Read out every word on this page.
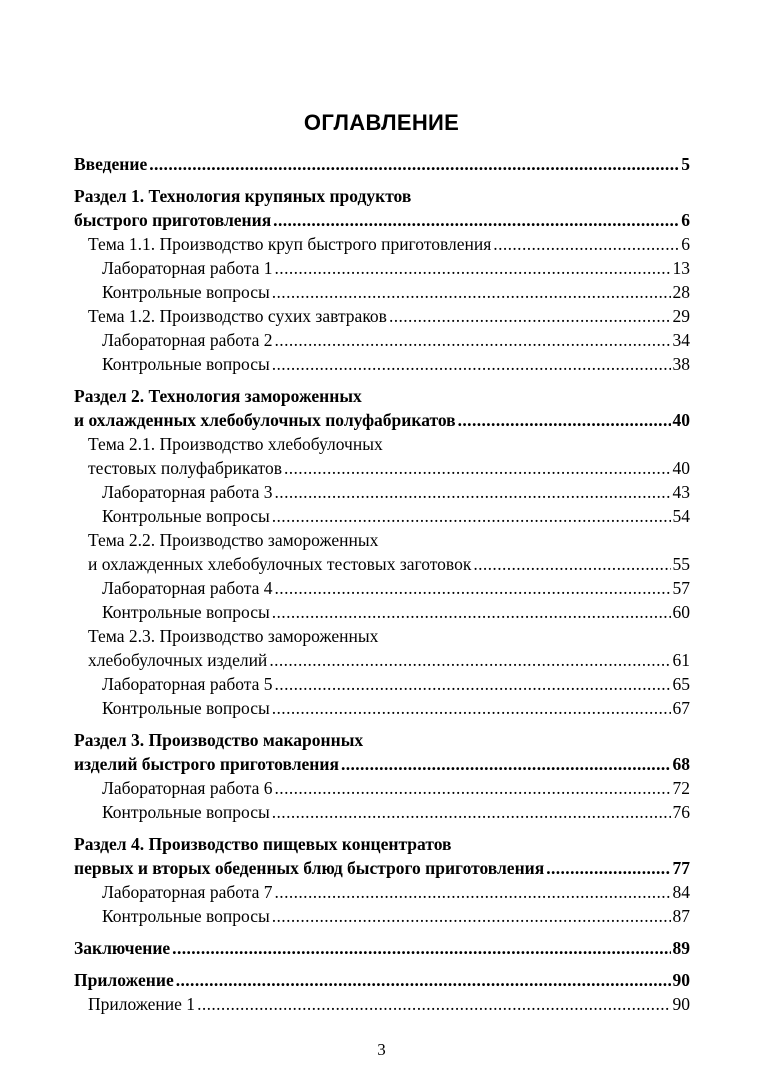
ОГЛАВЛЕНИЕ
Введение .....	5
Раздел 1. Технология крупяных продуктов
быстрого приготовления .....	6
Тема 1.1. Производство круп быстрого приготовления .....	6
Лабораторная работа 1 .....	13
Контрольные вопросы .....	28
Тема 1.2. Производство сухих завтраков .....	29
Лабораторная работа 2 .....	34
Контрольные вопросы .....	38
Раздел 2. Технология замороженных
и охлажденных хлебобулочных полуфабрикатов .....	40
Тема 2.1. Производство хлебобулочных
тестовых полуфабрикатов .....	40
Лабораторная работа 3 .....	43
Контрольные вопросы .....	54
Тема 2.2. Производство замороженных
и охлажденных хлебобулочных тестовых заготовок .....	55
Лабораторная работа 4 .....	57
Контрольные вопросы .....	60
Тема 2.3. Производство замороженных
хлебобулочных изделий .....	61
Лабораторная работа 5 .....	65
Контрольные вопросы .....	67
Раздел 3. Производство макаронных
изделий быстрого приготовления .....	68
Лабораторная работа 6 .....	72
Контрольные вопросы .....	76
Раздел 4. Производство пищевых концентратов
первых и вторых обеденных блюд быстрого приготовления .....	77
Лабораторная работа 7 .....	84
Контрольные вопросы .....	87
Заключение .....	89
Приложение .....	90
Приложение 1 .....	90
3
